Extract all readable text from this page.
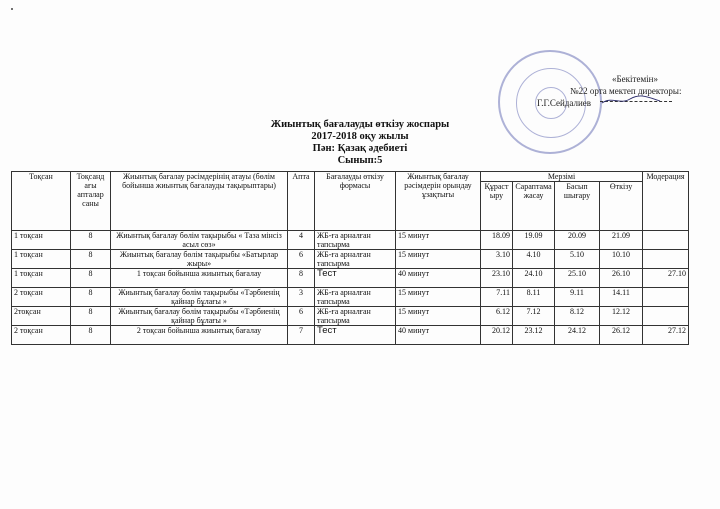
«Бекітемін»
№22 орта мектеп директоры:
Г.Г.Сейдалиев
Жиынтық бағалауды өткізу жоспары
2017-2018 оқу жылы
Пән: Қазақ әдебиеті
Сынып:5
Тоқсан	Тоқсанд ағы апталар саны	Жиынтық бағалау рәсімдерінің атауы (бөлім бойынша жиынтық бағалауды тақырыптары)	Апта	Бағалауды өткізу формасы	Жиынтық бағалау рәсімдерін орындау ұзақтығы	Мерзімі				Модерация
						Құраст ыру	Сараптама жасау	Басып шығару	Өткізу	
1 тоқсан	8	Жиынтық бағалау бөлім тақырыбы « Таза мінсіз асыл сөз»	4	ЖБ-ға арналған тапсырма	15 минут	18.09	19.09	20.09	21.09	
1 тоқсан	8	Жиынтық бағалау бөлім тақырыбы «Батырлар жыры»	6	ЖБ-ға арналған тапсырма	15 минут	3.10	4.10	5.10	10.10	
1 тоқсан	8	1 тоқсан бойынша жиынтық бағалау	8	Тест	40 минут	23.10	24.10	25.10	26.10	27.10
2 тоқсан	8	Жиынтық бағалау бөлім тақырыбы «Тәрбиенің қайнар бұлағы »	3	ЖБ-ға арналған тапсырма	15 минут	7.11	8.11	9.11	14.11	
2тоқсан	8	Жиынтық бағалау бөлім тақырыбы «Тәрбиенің қайнар бұлағы »	6	ЖБ-ға арналған тапсырма	15 минут	6.12	7.12	8.12	12.12	
2 тоқсан	8	2 тоқсан бойынша жиынтық бағалау	7	Тест	40 минут	20.12	23.12	24.12	26.12	27.12
